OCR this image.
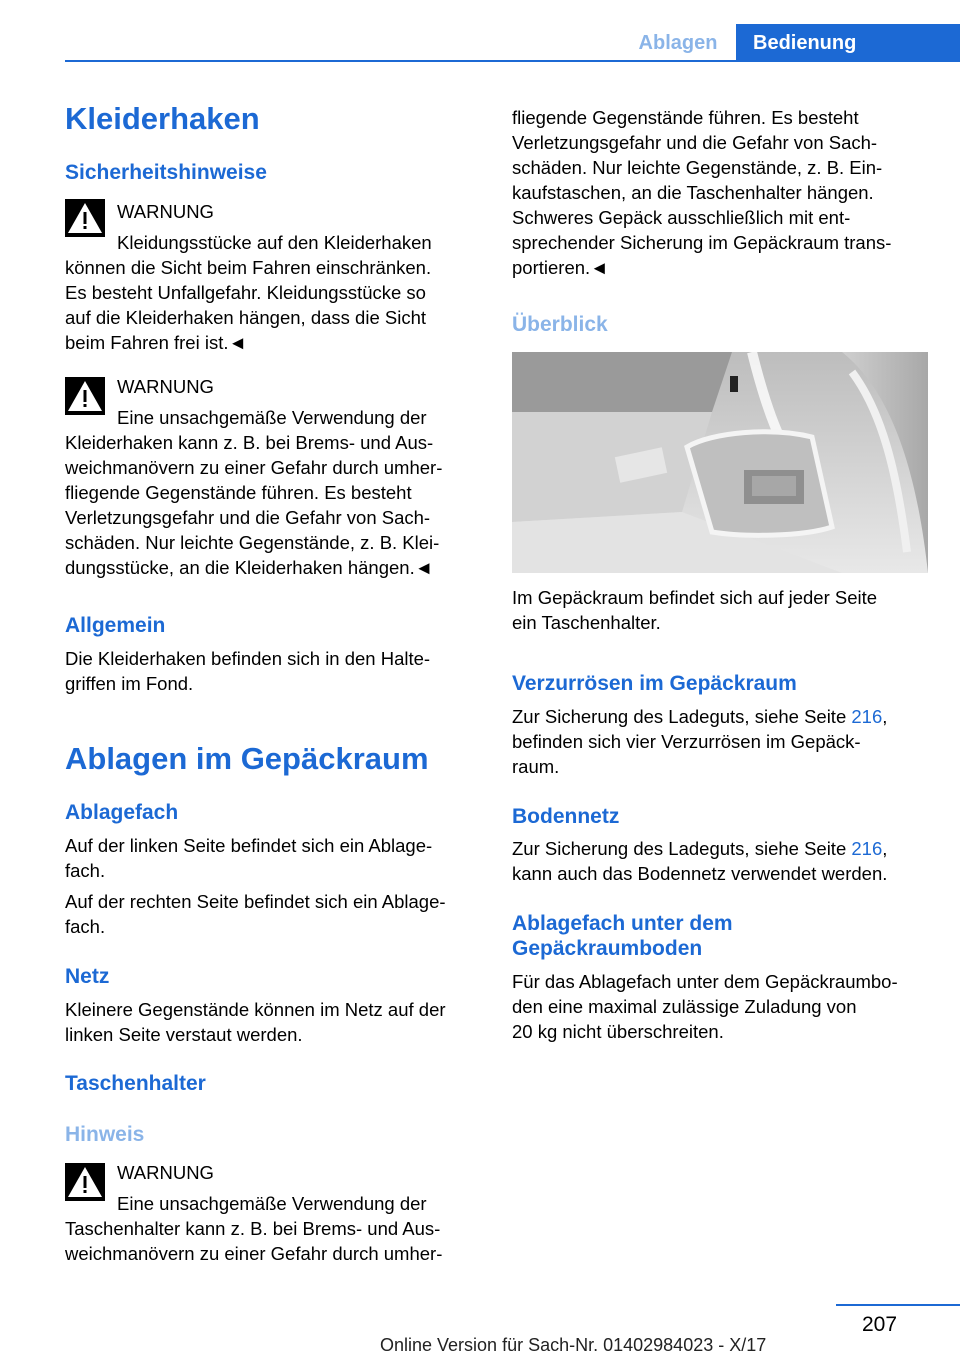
Ablagen	Bedienung
Kleiderhaken
Sicherheitshinweise
WARNUNG
Kleidungsstücke auf den Kleiderhaken
können die Sicht beim Fahren einschränken.
Es besteht Unfallgefahr. Kleidungsstücke so
auf die Kleiderhaken hängen, dass die Sicht
beim Fahren frei ist.◄
WARNUNG
Eine unsachgemäße Verwendung der
Kleiderhaken kann z. B. bei Brems- und Aus‐
weichmanövern zu einer Gefahr durch umher‐
fliegende Gegenstände führen. Es besteht
Verletzungsgefahr und die Gefahr von Sach‐
schäden. Nur leichte Gegenstände, z. B. Klei‐
dungsstücke, an die Kleiderhaken hängen.◄
Allgemein
Die Kleiderhaken befinden sich in den Halte‐
griffen im Fond.
Ablagen im Gepäckraum
Ablagefach
Auf der linken Seite befindet sich ein Ablage‐
fach.
Auf der rechten Seite befindet sich ein Ablage‐
fach.
Netz
Kleinere Gegenstände können im Netz auf der
linken Seite verstaut werden.
Taschenhalter
Hinweis
WARNUNG
Eine unsachgemäße Verwendung der
Taschenhalter kann z. B. bei Brems- und Aus‐
weichmanövern zu einer Gefahr durch umher‐
fliegende Gegenstände führen. Es besteht
Verletzungsgefahr und die Gefahr von Sach‐
schäden. Nur leichte Gegenstände, z. B. Ein‐
kaufstaschen, an die Taschenhalter hängen.
Schweres Gepäck ausschließlich mit ent‐
sprechender Sicherung im Gepäckraum trans‐
portieren.◄
Überblick
Im Gepäckraum befindet sich auf jeder Seite
ein Taschenhalter.
Verzurrösen im Gepäckraum
Zur Sicherung des Ladeguts, siehe Seite 216,
befinden sich vier Verzurrösen im Gepäck‐
raum.
Bodennetz
Zur Sicherung des Ladeguts, siehe Seite 216,
kann auch das Bodennetz verwendet werden.
Ablagefach unter dem
Gepäckraumboden
Für das Ablagefach unter dem Gepäckraumbo‐
den eine maximal zulässige Zuladung von
20 kg nicht überschreiten.
207
Online Version für Sach-Nr. 01402984023 - X/17
